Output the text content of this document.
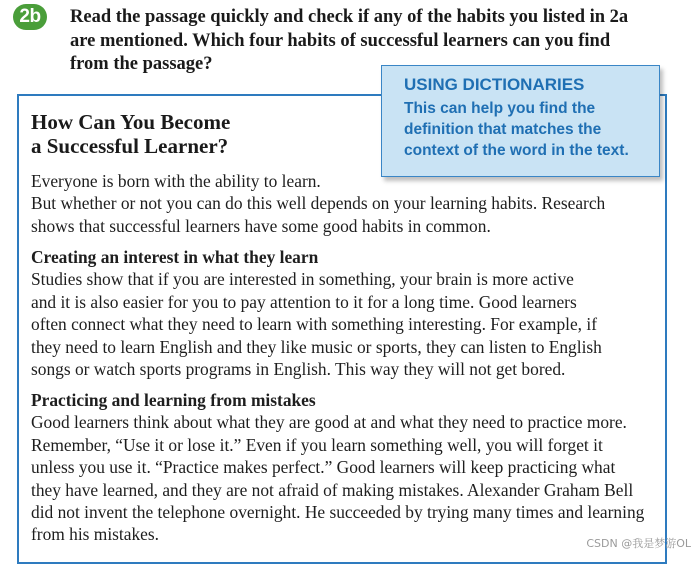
2b	Read the passage quickly and check if any of the habits you listed in 2a
are mentioned. Which four habits of successful learners can you find
from the passage?
How Can You Become
a Successful Learner?
Everyone is born with the ability to learn.
But whether or not you can do this well depends on your learning habits. Research
shows that successful learners have some good habits in common.
Creating an interest in what they learn
Studies show that if you are interested in something, your brain is more active
and it is also easier for you to pay attention to it for a long time. Good learners
often connect what they need to learn with something interesting. For example, if
they need to learn English and they like music or sports, they can listen to English
songs or watch sports programs in English. This way they will not get bored.
Practicing and learning from mistakes
Good learners think about what they are good at and what they need to practice more.
Remember, “Use it or lose it.” Even if you learn something well, you will forget it
unless you use it. “Practice makes perfect.” Good learners will keep practicing what
they have learned, and they are not afraid of making mistakes. Alexander Graham Bell
did not invent the telephone overnight. He succeeded by trying many times and learning
from his mistakes.
USING DICTIONARIES
This can help you find the
definition that matches the
context of the word in the text.
CSDN @我是梦游OL
